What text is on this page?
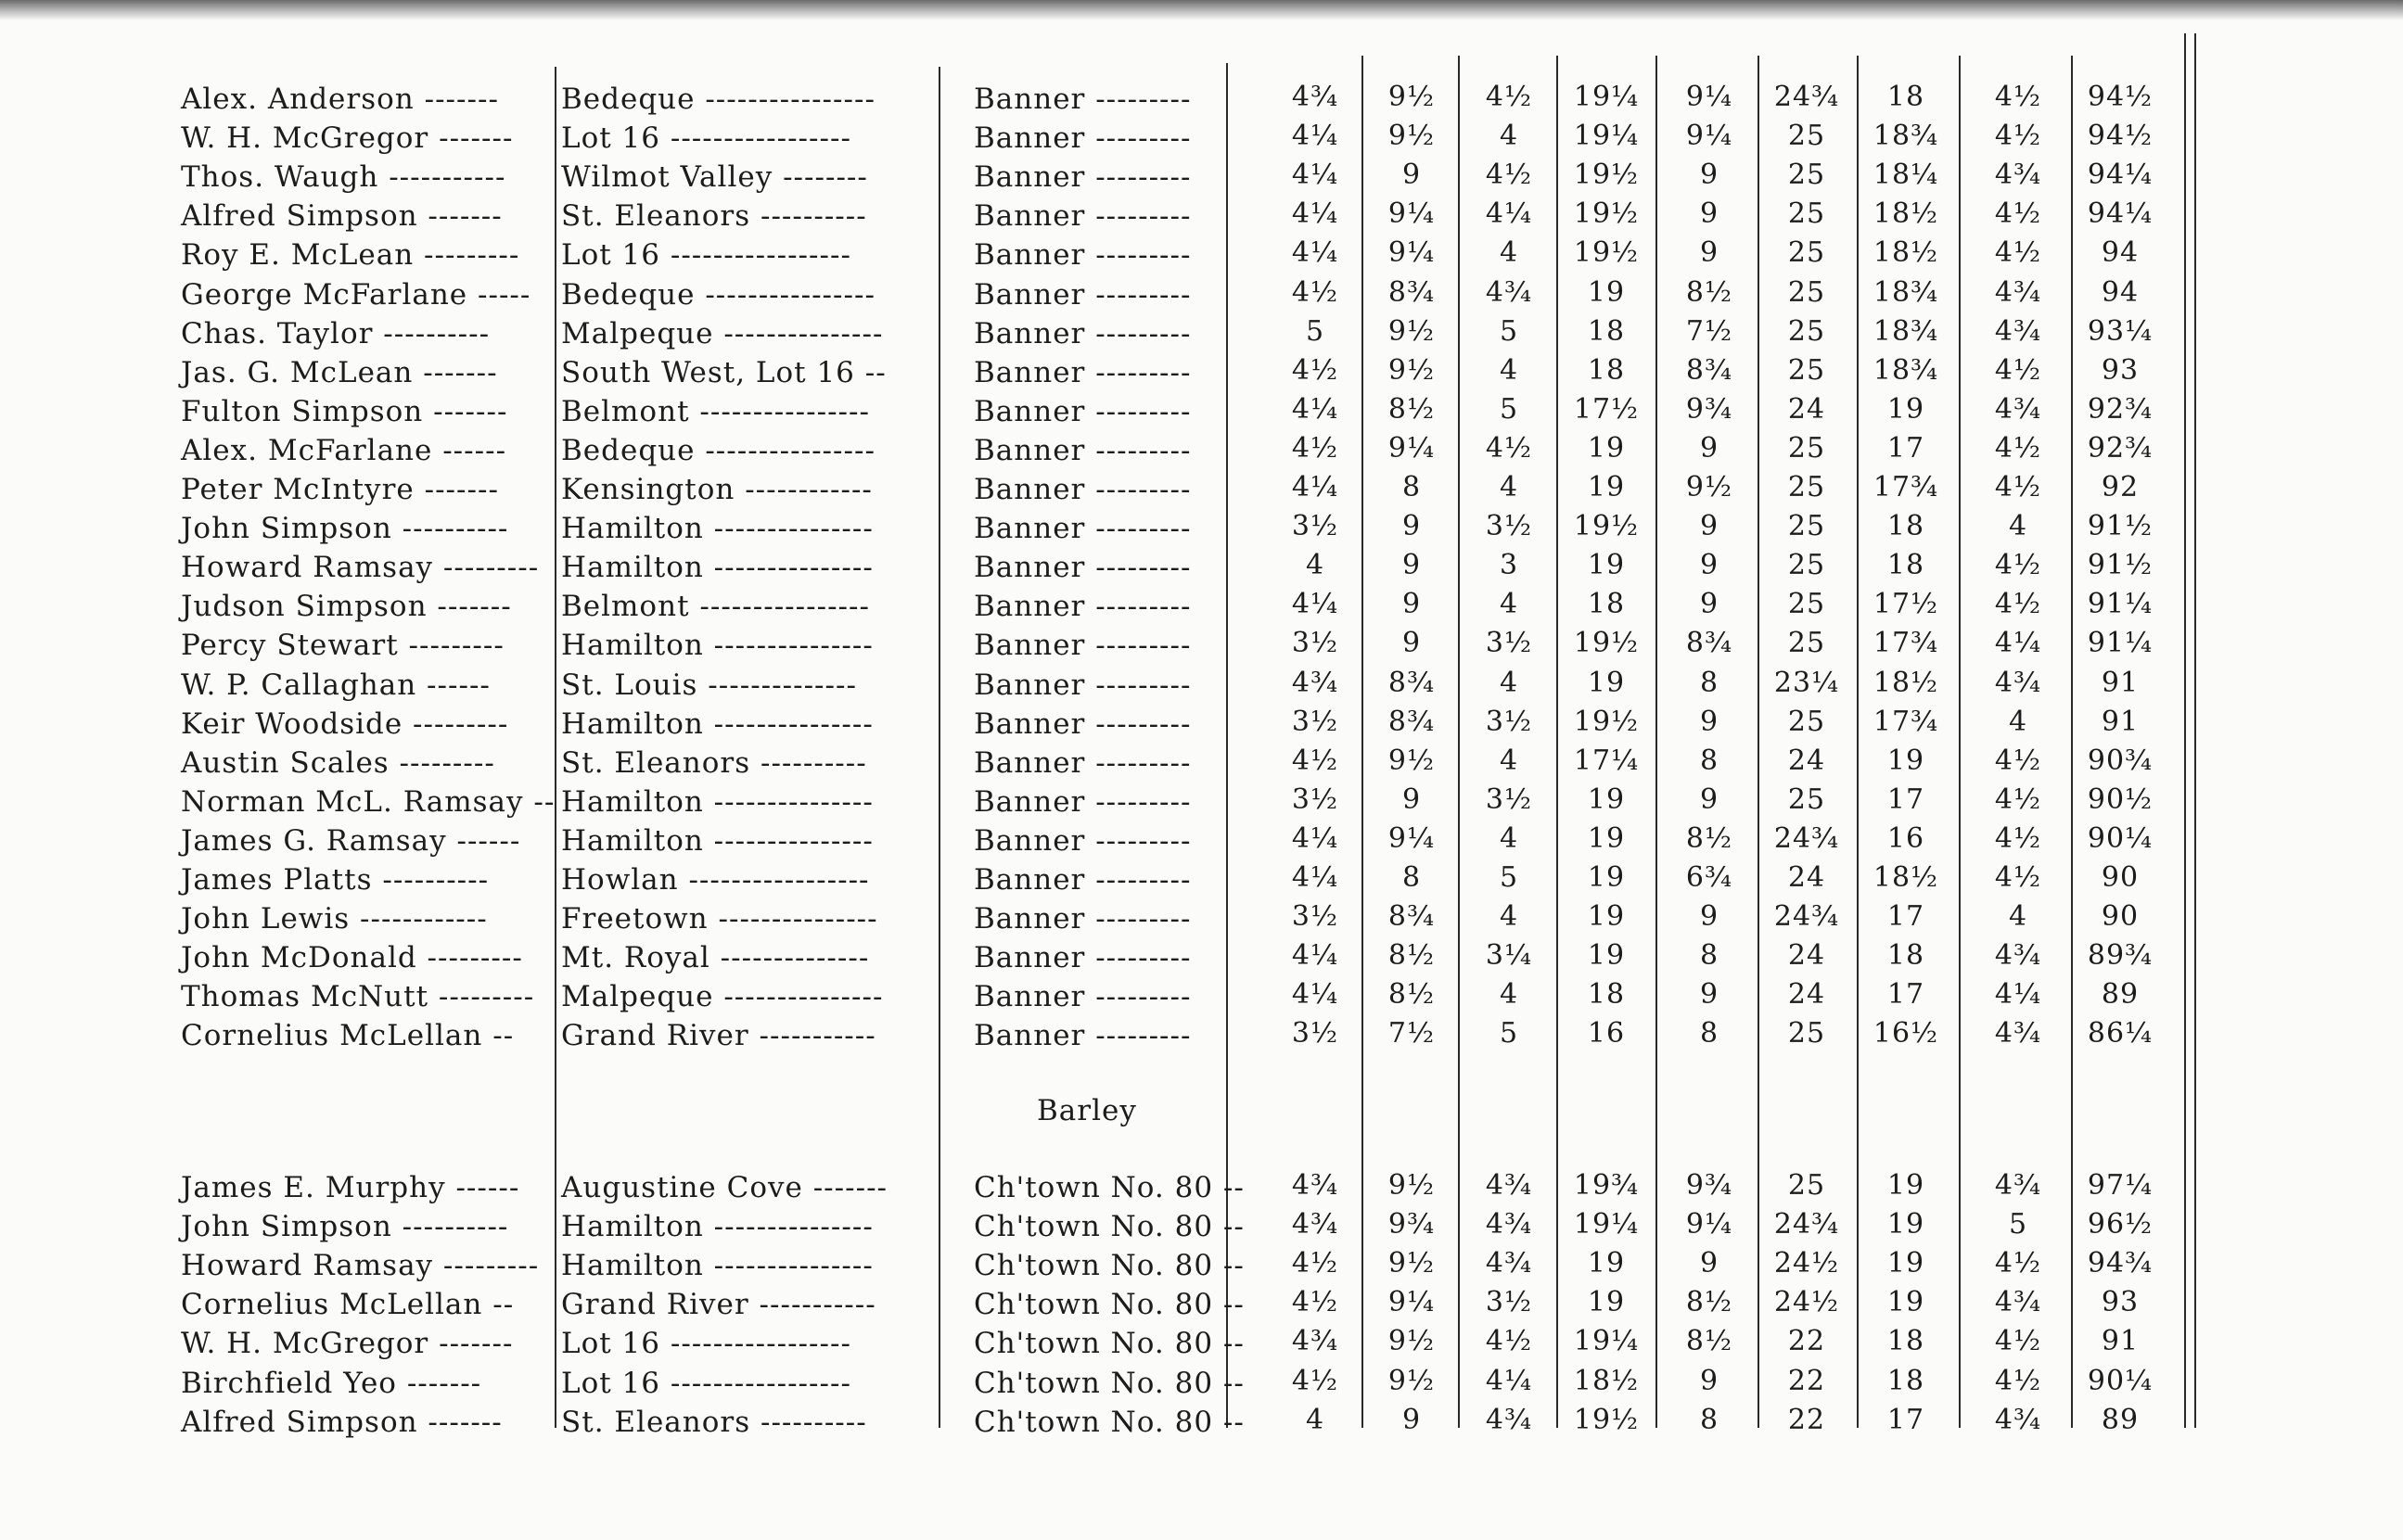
Alex. Anderson ------- Bedeque ----------------	Banner ---------	4¾	9½	4½	19¼	9¼	24¾	18	4½	94½
W. H. McGregor ------- Lot 16 -----------------	Banner ---------	4¼	9½	4	19¼	9¼	25	18¾	4½	94½
Thos. Waugh ----------- Wilmot Valley --------	Banner ---------	4¼	9	4½	19½	9	25	18¼	4¾	94¼
Alfred Simpson ------- St. Eleanors ----------	Banner ---------	4¼	9¼	4¼	19½	9	25	18½	4½	94¼
Roy E. McLean --------- Lot 16 -----------------	Banner ---------	4¼	9¼	4	19½	9	25	18½	4½	94
George McFarlane ----- Bedeque ----------------	Banner ---------	4½	8¾	4¾	19	8½	25	18¾	4¾	94
Chas. Taylor ---------- Malpeque ---------------	Banner ---------	5	9½	5	18	7½	25	18¾	4¾	93¼
Jas. G. McLean ------- South West, Lot 16 --	Banner ---------	4½	9½	4	18	8¾	25	18¾	4½	93
Fulton Simpson ------- Belmont ----------------	Banner ---------	4¼	8½	5	17½	9¾	24	19	4¾	92¾
Alex. McFarlane ------ Bedeque ----------------	Banner ---------	4½	9¼	4½	19	9	25	17	4½	92¾
Peter McIntyre ------- Kensington ------------	Banner ---------	4¼	8	4	19	9½	25	17¾	4½	92
John Simpson ---------- Hamilton ---------------	Banner ---------	3½	9	3½	19½	9	25	18	4	91½
Howard Ramsay --------- Hamilton ---------------	Banner ---------	4	9	3	19	9	25	18	4½	91½
Judson Simpson ------- Belmont ----------------	Banner ---------	4¼	9	4	18	9	25	17½	4½	91¼
Percy Stewart --------- Hamilton ---------------	Banner ---------	3½	9	3½	19½	8¾	25	17¾	4¼	91¼
W. P. Callaghan ------ St. Louis --------------	Banner ---------	4¾	8¾	4	19	8	23¼	18½	4¾	91
Keir Woodside --------- Hamilton ---------------	Banner ---------	3½	8¾	3½	19½	9	25	17¾	4	91
Austin Scales --------- St. Eleanors ----------	Banner ---------	4½	9½	4	17¼	8	24	19	4½	90¾
Norman McL. Ramsay -- Hamilton ---------------	Banner ---------	3½	9	3½	19	9	25	17	4½	90½
James G. Ramsay ------ Hamilton ---------------	Banner ---------	4¼	9¼	4	19	8½	24¾	16	4½	90¼
James Platts ----------	Howlan -----------------	Banner ---------	4¼	8	5	19	6¾	24	18½	4½	90
John Lewis ------------	Freetown ---------------	Banner ---------	3½	8¾	4	19	9	24¾	17	4	90
John McDonald --------- Mt. Royal --------------	Banner ---------	4¼	8½	3¼	19	8	24	18	4¾	89¾
Thomas McNutt --------- Malpeque ---------------	Banner ---------	4¼	8½	4	18	9	24	17	4¼	89
Cornelius McLellan -- Grand River -----------	Banner ---------	3½	7½	5	16	8	25	16½	4¾	86¼
Barley
James E. Murphy ------ Augustine Cove -------	Ch'town No. 80 --	4¾	9½	4¾	19¾	9¾	25	19	4¾	97¼
John Simpson ---------- Hamilton ---------------	Ch'town No. 80 --	4¾	9¾	4¾	19¼	9¼	24¾	19	5	96½
Howard Ramsay --------- Hamilton ---------------	Ch'town No. 80 --	4½	9½	4¾	19	9	24½	19	4½	94¾
Cornelius McLellan -- Grand River -----------	Ch'town No. 80 --	4½	9¼	3½	19	8½	24½	19	4¾	93
W. H. McGregor ------- Lot 16 -----------------	Ch'town No. 80 --	4¾	9½	4½	19¼	8½	22	18	4½	91
Birchfield Yeo -------	Lot 16 -----------------	Ch'town No. 80 --	4½	9½	4¼	18½	9	22	18	4½	90¼
Alfred Simpson ------- St. Eleanors ----------	Ch'town No. 80 --	4	9	4¾	19½	8	22	17	4¾	89
